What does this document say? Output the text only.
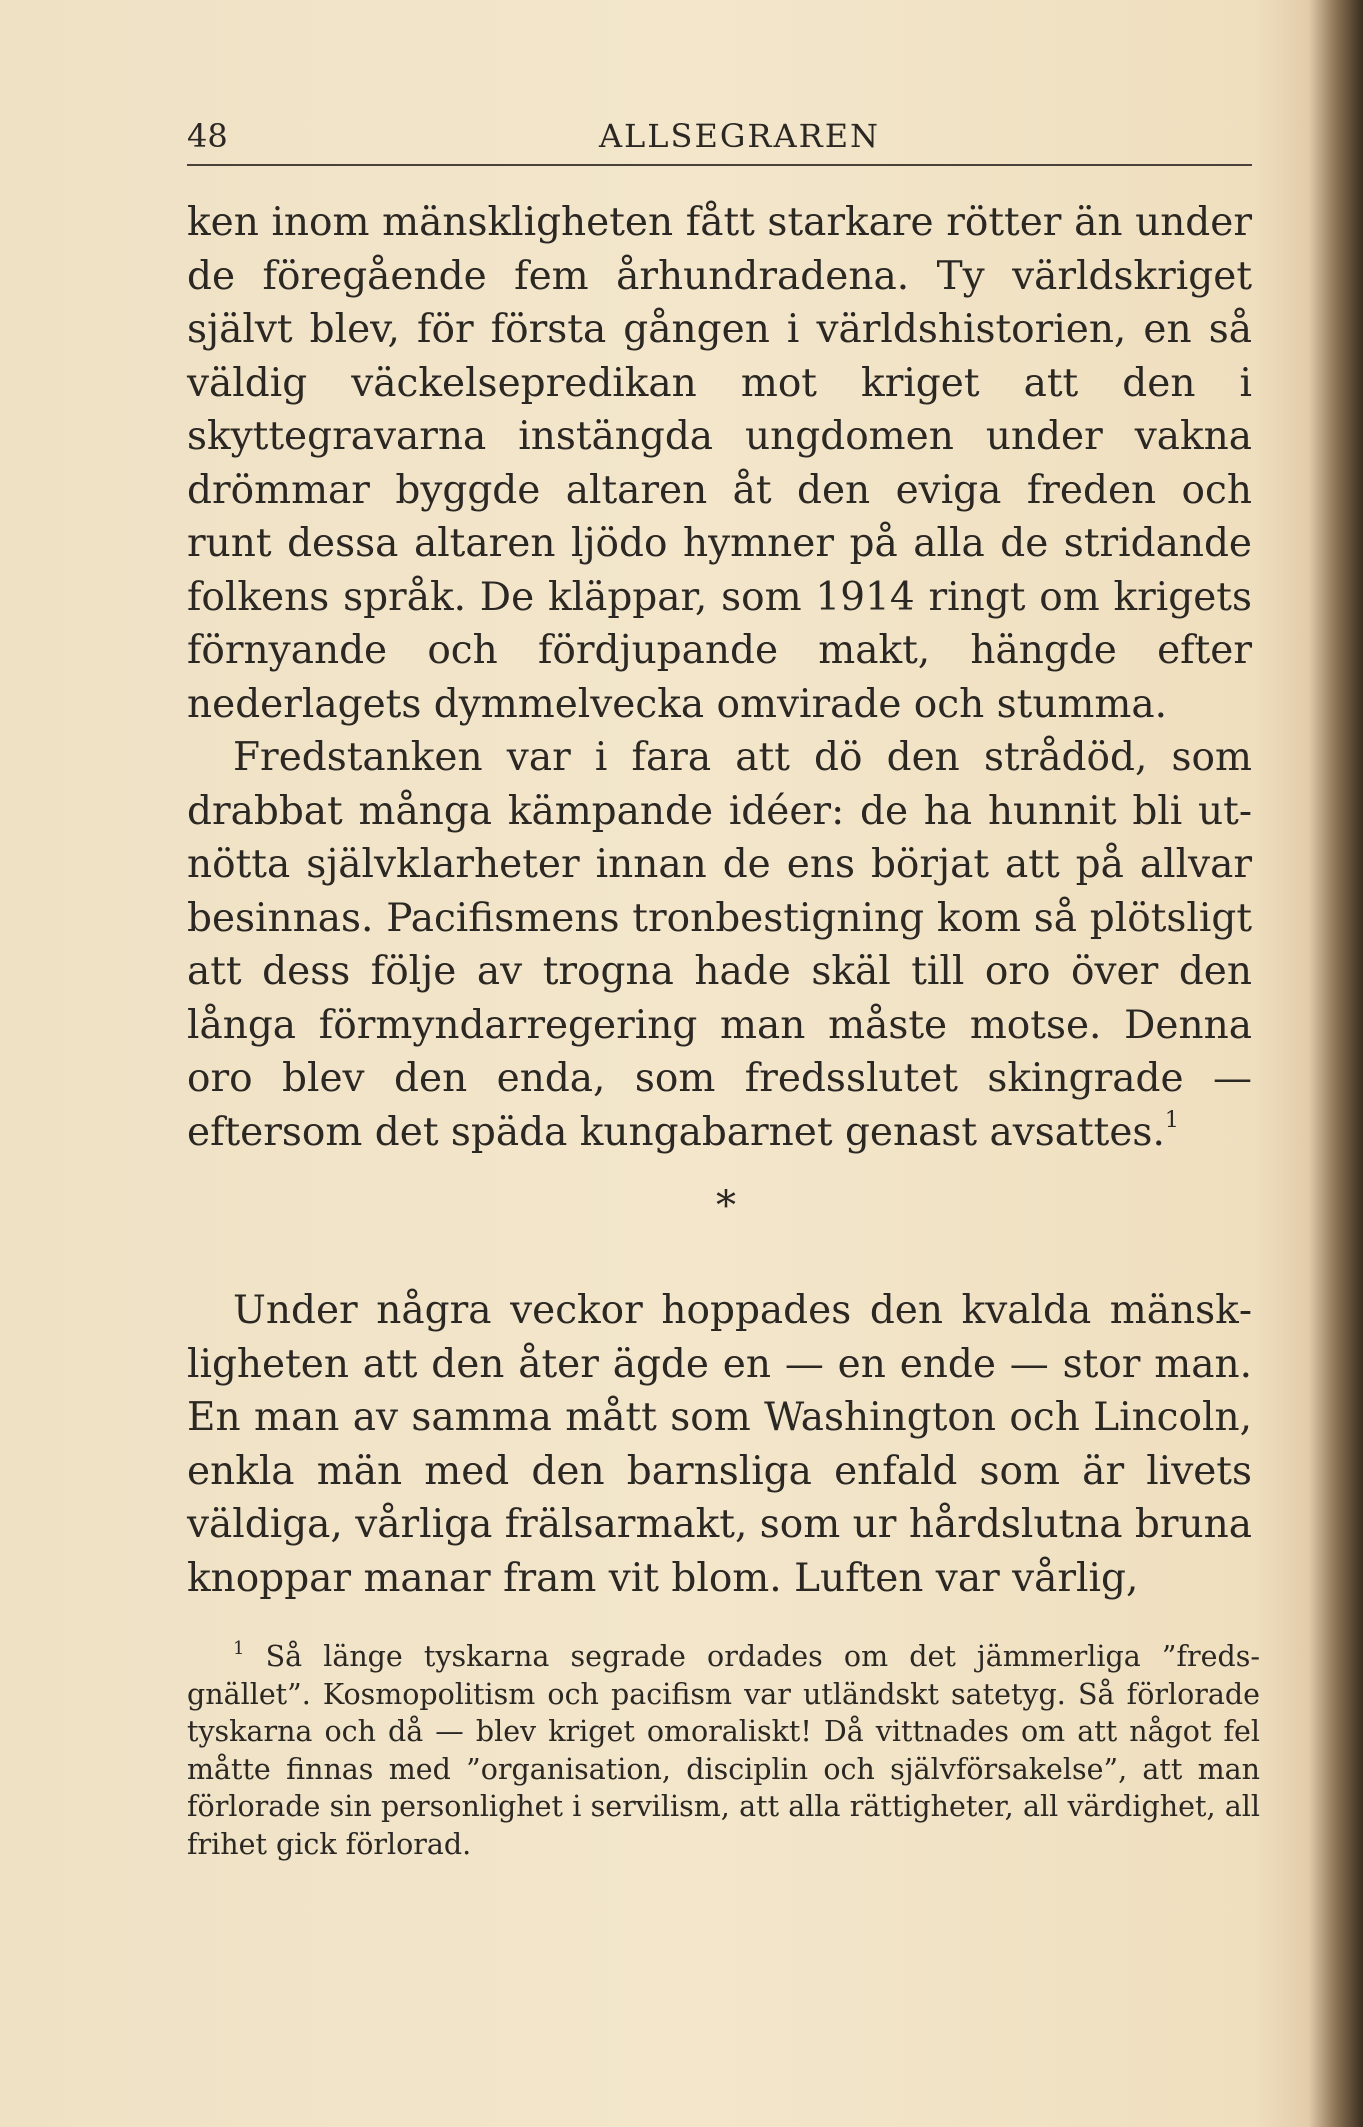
48	ALLSEGRAREN

ken inom mänskligheten fått starkare rötter än under de föregående fem århundradena. Ty världskriget självt blev, för första gången i världshistorien, en så väldig väckelsepredikan mot kriget att den i skyttegravarna instängda ungdomen under vakna drömmar byggde altaren åt den eviga freden och runt dessa altaren ljödo hymner på alla de stridande folkens språk. De kläppar, som 1914 ringt om krigets förnyande och fördjupande makt, hängde efter nederlagets dymmelvecka omvirade och stumma.

Fredstanken var i fara att dö den strådöd, som drabbat många kämpande idéer: de ha hunnit bli utnötta självklarheter innan de ens börjat att på allvar besinnas. Pacifismens tronbestigning kom så plötsligt att dess följe av trogna hade skäl till oro över den långa förmyndarregering man måste motse. Denna oro blev den enda, som fredsslutet skingrade — eftersom det späda kungabarnet genast avsattes.$^1$

*

Under några veckor hoppades den kvalda mänskligheten att den åter ägde en — en ende — stor man. En man av samma mått som Washington och Lincoln, enkla män med den barnsliga enfald som är livets väldiga, vårliga frälsarmakt, som ur hårdslutna bruna knoppar manar fram vit blom. Luften var vårlig,

$^1$ Så länge tyskarna segrade ordades om det jämmerliga ”fredsgnället”. Kosmopolitism och pacifism var utländskt satetyg. Så förlorade tyskarna och då — blev kriget omoraliskt! Då vittnades om att något fel måtte finnas med ”organisation, disciplin och självförsakelse”, att man förlorade sin personlighet i servilism, att alla rättigheter, all värdighet, all frihet gick förlorad.
